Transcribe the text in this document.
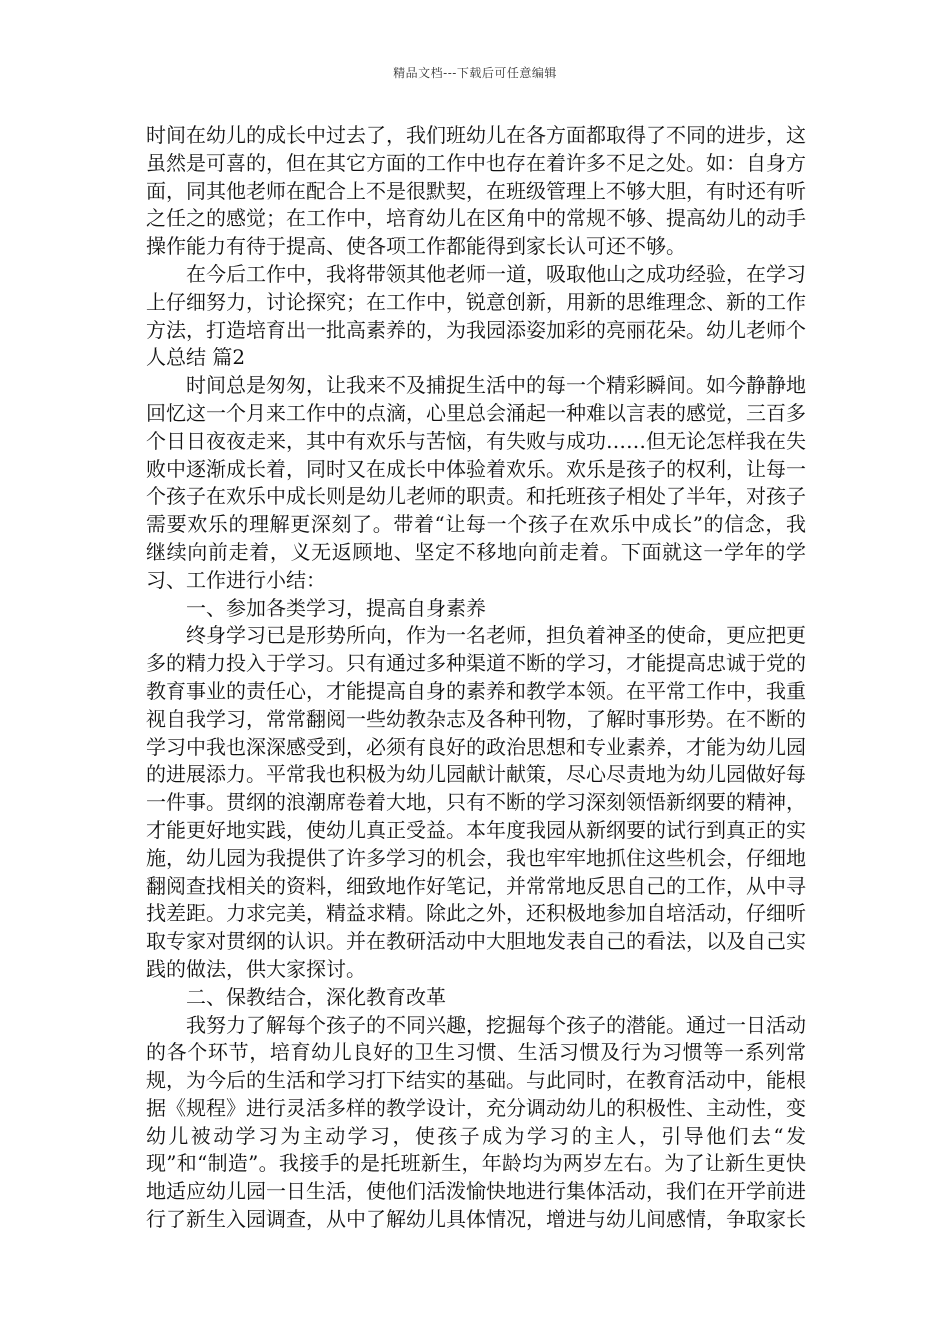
精品文档---下载后可任意编辑

时间在幼儿的成长中过去了，我们班幼儿在各方面都取得了不同的进步，这虽然是可喜的，但在其它方面的工作中也存在着许多不足之处。如：自身方面，同其他老师在配合上不是很默契，在班级管理上不够大胆，有时还有听之任之的感觉；在工作中，培育幼儿在区角中的常规不够、提高幼儿的动手操作能力有待于提高、使各项工作都能得到家长认可还不够。

在今后工作中，我将带领其他老师一道，吸取他山之成功经验，在学习上仔细努力，讨论探究；在工作中，锐意创新，用新的思维理念、新的工作方法，打造培育出一批高素养的，为我园添姿加彩的亮丽花朵。幼儿老师个人总结 篇2

时间总是匆匆，让我来不及捕捉生活中的每一个精彩瞬间。如今静静地回忆这一个月来工作中的点滴，心里总会涌起一种难以言表的感觉，三百多个日日夜夜走来，其中有欢乐与苦恼，有失败与成功……但无论怎样我在失败中逐渐成长着，同时又在成长中体验着欢乐。欢乐是孩子的权利，让每一个孩子在欢乐中成长则是幼儿老师的职责。和托班孩子相处了半年，对孩子需要欢乐的理解更深刻了。带着“让每一个孩子在欢乐中成长”的信念，我继续向前走着，义无返顾地、坚定不移地向前走着。下面就这一学年的学习、工作进行小结：

一、参加各类学习，提高自身素养

终身学习已是形势所向，作为一名老师，担负着神圣的使命，更应把更多的精力投入于学习。只有通过多种渠道不断的学习，才能提高忠诚于党的教育事业的责任心，才能提高自身的素养和教学本领。在平常工作中，我重视自我学习，常常翻阅一些幼教杂志及各种刊物，了解时事形势。在不断的学习中我也深深感受到，必须有良好的政治思想和专业素养，才能为幼儿园的进展添力。平常我也积极为幼儿园献计献策，尽心尽责地为幼儿园做好每一件事。贯纲的浪潮席卷着大地，只有不断的学习深刻领悟新纲要的精神，才能更好地实践，使幼儿真正受益。本年度我园从新纲要的试行到真正的实施，幼儿园为我提供了许多学习的机会，我也牢牢地抓住这些机会，仔细地翻阅查找相关的资料，细致地作好笔记，并常常地反思自己的工作，从中寻找差距。力求完美，精益求精。除此之外，还积极地参加自培活动，仔细听取专家对贯纲的认识。并在教研活动中大胆地发表自己的看法，以及自己实践的做法，供大家探讨。

二、保教结合，深化教育改革

我努力了解每个孩子的不同兴趣，挖掘每个孩子的潜能。通过一日活动的各个环节，培育幼儿良好的卫生习惯、生活习惯及行为习惯等一系列常规，为今后的生活和学习打下结实的基础。与此同时，在教育活动中，能根据《规程》进行灵活多样的教学设计，充分调动幼儿的积极性、主动性，变幼儿被动学习为主动学习，使孩子成为学习的主人，引导他们去“发现”和“制造”。我接手的是托班新生，年龄均为两岁左右。为了让新生更快地适应幼儿园一日生活，使他们活泼愉快地进行集体活动，我们在开学前进行了新生入园调查，从中了解幼儿具体情况，增进与幼儿间感情，争取家长
